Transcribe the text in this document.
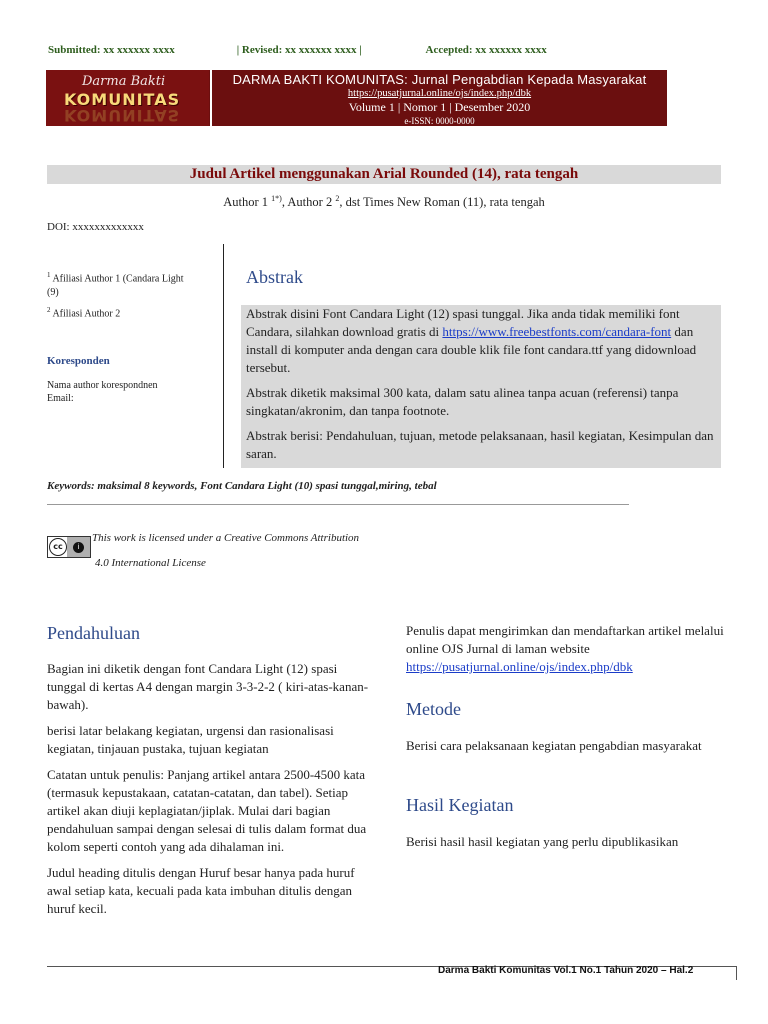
Submitted: xx xxxxxx xxxx	| Revised: xx xxxxxx xxxx |	Accepted: xx xxxxxx xxxx
Darma Bakti
KOMUNITAS
KOMUNITAS
DARMA BAKTI KOMUNITAS: Jurnal Pengabdian Kepada Masyarakat
https://pusatjurnal.online/ojs/index.php/dbk
Volume 1 | Nomor 1 | Desember 2020
e-ISSN: 0000-0000
Judul Artikel menggunakan Arial Rounded (14), rata tengah
Author 1 $^{1*)}$, Author 2 $^2$, dst Times New Roman (11), rata tengah
DOI: xxxxxxxxxxxxx
$^1$ Afiliasi Author 1 (Candara Light (9)
$^2$ Afiliasi Author 2
Koresponden
Nama author korespondnen
Email:
Abstrak

Abstrak disini Font Candara Light (12) spasi tunggal. Jika anda tidak memiliki font Candara, silahkan download gratis di https://www.freebestfonts.com/candara-font dan install di komputer anda dengan cara double klik file font candara.ttf yang didownload tersebut.

Abstrak diketik maksimal 300 kata, dalam satu alinea tanpa acuan (referensi) tanpa singkatan/akronim, dan tanpa footnote.

Abstrak berisi: Pendahuluan, tujuan, metode pelaksanaan, hasil kegiatan, Kesimpulan dan saran.

Keywords: maksimal 8 keywords, Font Candara Light (10) spasi tunggal,miring, tebal
cc	i
This work is licensed under a Creative Commons Attribution
4.0 International License
Pendahuluan

Bagian ini diketik dengan font Candara Light (12) spasi tunggal di kertas A4 dengan margin 3-3-2-2 ( kiri-atas-kanan-bawah).

berisi latar belakang kegiatan, urgensi dan rasionalisasi kegiatan, tinjauan pustaka, tujuan kegiatan

Catatan untuk penulis: Panjang artikel antara 2500-4500 kata (termasuk kepustakaan, catatan-catatan, dan tabel). Setiap artikel akan diuji keplagiatan/jiplak. Mulai dari bagian pendahuluan sampai dengan selesai di tulis dalam format dua kolom seperti contoh yang ada dihalaman ini.

Judul heading ditulis dengan Huruf besar hanya pada huruf awal setiap kata, kecuali pada kata imbuhan ditulis dengan huruf kecil.

Penulis dapat mengirimkan dan mendaftarkan artikel melalui online OJS Jurnal di laman website https://pusatjurnal.online/ojs/index.php/dbk
Metode
Berisi cara pelaksanaan kegiatan pengabdian masyarakat
Hasil Kegiatan
Berisi hasil hasil kegiatan yang perlu dipublikasikan
Darma Bakti Komunitas Vol.1 No.1 Tahun 2020 – Hal.2
